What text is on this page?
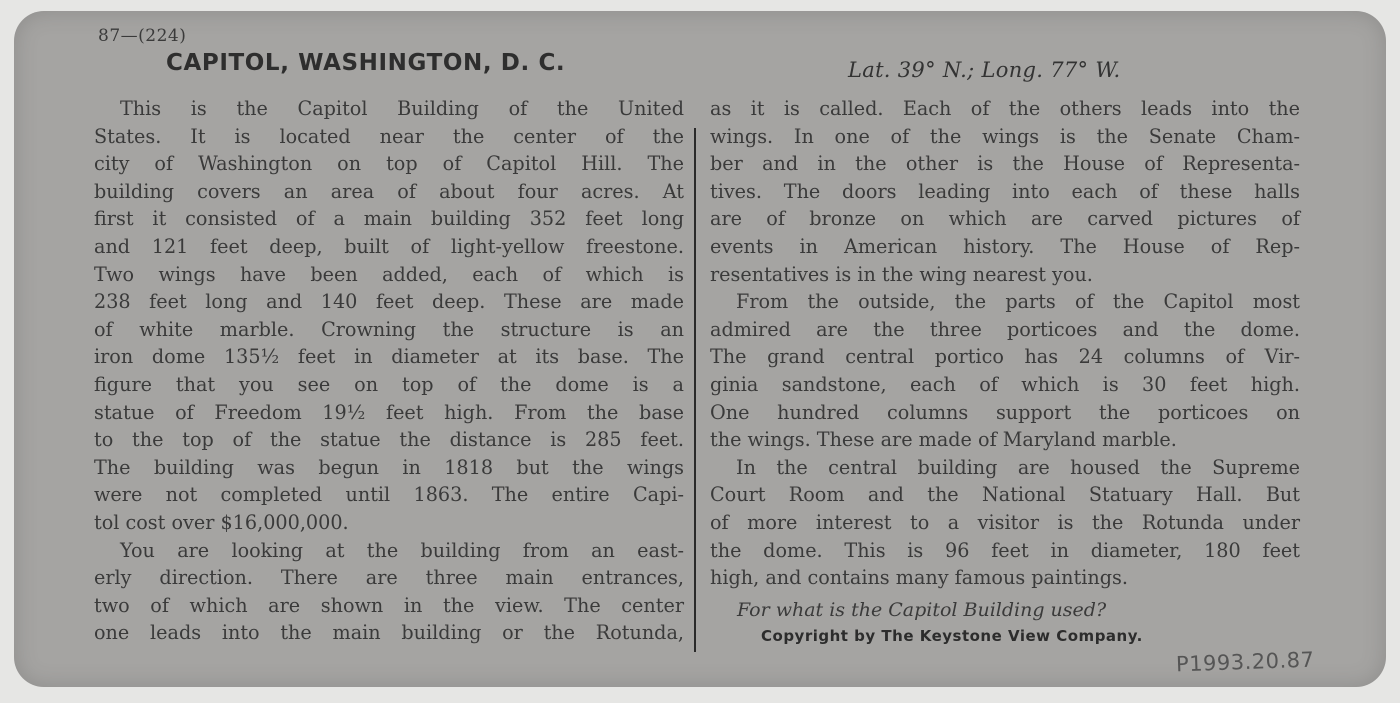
87—(224)
CAPITOL, WASHINGTON, D. C.	Lat. 39° N.; Long. 77° W.
This is the Capitol Building of the United
States. It is located near the center of the
city of Washington on top of Capitol Hill. The
building covers an area of about four acres. At
first it consisted of a main building 352 feet long
and 121 feet deep, built of light-yellow freestone.
Two wings have been added, each of which is
238 feet long and 140 feet deep. These are made
of white marble. Crowning the structure is an
iron dome 135½ feet in diameter at its base. The
figure that you see on top of the dome is a
statue of Freedom 19½ feet high. From the base
to the top of the statue the distance is 285 feet.
The building was begun in 1818 but the wings
were not completed until 1863. The entire Capi-
tol cost over $16,000,000.
You are looking at the building from an east-
erly direction. There are three main entrances,
two of which are shown in the view. The center
one leads into the main building or the Rotunda,
as it is called. Each of the others leads into the
wings. In one of the wings is the Senate Cham-
ber and in the other is the House of Representa-
tives. The doors leading into each of these halls
are of bronze on which are carved pictures of
events in American history. The House of Rep-
resentatives is in the wing nearest you.
From the outside, the parts of the Capitol most
admired are the three porticoes and the dome.
The grand central portico has 24 columns of Vir-
ginia sandstone, each of which is 30 feet high.
One hundred columns support the porticoes on
the wings. These are made of Maryland marble.
In the central building are housed the Supreme
Court Room and the National Statuary Hall. But
of more interest to a visitor is the Rotunda under
the dome. This is 96 feet in diameter, 180 feet
high, and contains many famous paintings.
For what is the Capitol Building used?
Copyright by The Keystone View Company.
P1993.20.87
